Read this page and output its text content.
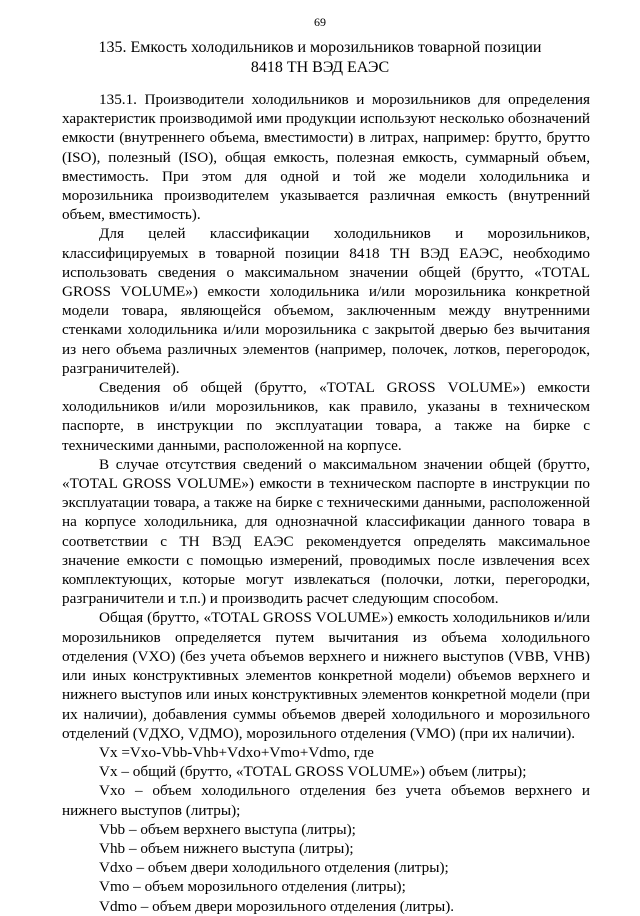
69
135. Емкость холодильников и морозильников товарной позиции
8418 ТН ВЭД ЕАЭС

135.1. Производители холодильников и морозильников для определения характеристик производимой ими продукции используют несколько обозначений емкости (внутреннего объема, вместимости) в литрах, например: брутто, брутто (ISO), полезный (ISO), общая емкость, полезная емкость, суммарный объем, вместимость. При этом для одной и той же модели холодильника и морозильника производителем указывается различная емкость (внутренний объем, вместимость).

Для целей классификации холодильников и морозильников, классифицируемых в товарной позиции 8418 ТН ВЭД ЕАЭС, необходимо использовать сведения о максимальном значении общей (брутто, «TOTAL GROSS VOLUME») емкости холодильника и/или морозильника конкретной модели товара, являющейся объемом, заключенным между внутренними стенками холодильника и/или морозильника с закрытой дверью без вычитания из него объема различных элементов (например, полочек, лотков, перегородок, разграничителей).

Сведения об общей (брутто, «TOTAL GROSS VOLUME») емкости холодильников и/или морозильников, как правило, указаны в техническом паспорте, в инструкции по эксплуатации товара, а также на бирке с техническими данными, расположенной на корпусе.

В случае отсутствия сведений о максимальном значении общей (брутто, «TOTAL GROSS VOLUME») емкости в техническом паспорте в инструкции по эксплуатации товара, а также на бирке с техническими данными, расположенной на корпусе холодильника, для однозначной классификации данного товара в соответствии с ТН ВЭД ЕАЭС рекомендуется определять максимальное значение емкости с помощью измерений, проводимых после извлечения всех комплектующих, которые могут извлекаться (полочки, лотки, перегородки, разграничители и т.п.) и производить расчет следующим способом.

Общая (брутто, «TOTAL GROSS VOLUME») емкость холодильников и/или морозильников определяется путем вычитания из объема холодильного отделения (VXO) (без учета объемов верхнего и нижнего выступов (VBB, VHB) или иных конструктивных элементов конкретной модели) объемов верхнего и нижнего выступов или иных конструктивных элементов конкретной модели (при их наличии), добавления суммы объемов дверей холодильного и морозильного отделений (VДХО, VДМО), морозильного отделения (VMO) (при их наличии).

Vx =Vxo-Vbb-Vhb+Vdxo+Vmo+Vdmo, где

Vx – общий (брутто, «TOTAL GROSS VOLUME») объем (литры);

Vxo – объем холодильного отделения без учета объемов верхнего и нижнего выступов (литры);

Vbb – объем верхнего выступа (литры);

Vhb – объем нижнего выступа (литры);

Vdxo – объем двери холодильного отделения (литры);

Vmo – объем морозильного отделения (литры);

Vdmo – объем двери морозильного отделения (литры).
